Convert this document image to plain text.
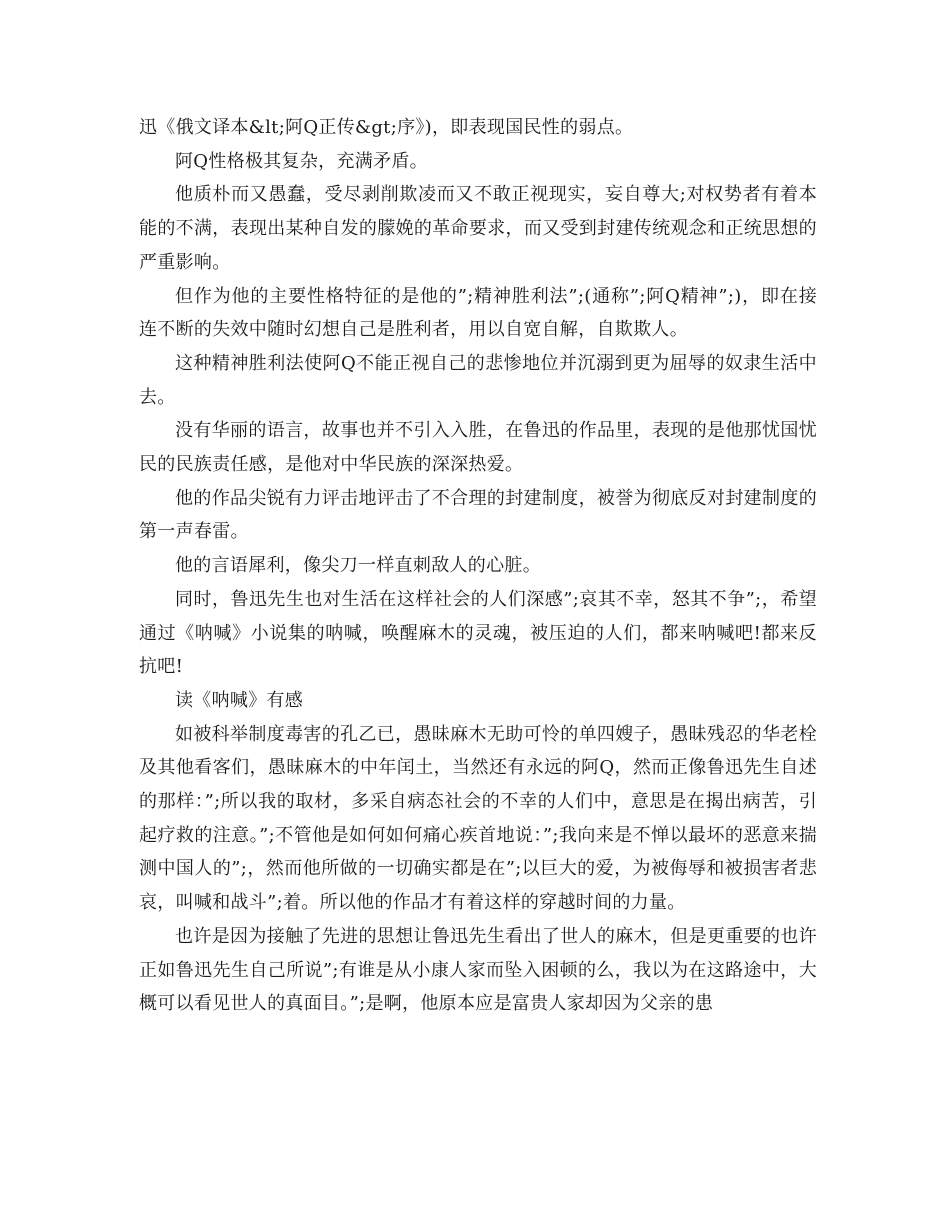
迅《俄文译本&lt;阿Q正传&gt;序》)，即表现国民性的弱点。

阿Q性格极其复杂，充满矛盾。

他质朴而又愚蠢，受尽剥削欺凌而又不敢正视现实，妄自尊大;对权势者有着本能的不满，表现出某种自发的朦娩的革命要求，而又受到封建传统观念和正统思想的严重影响。

但作为他的主要性格特征的是他的”;精神胜利法”;(通称”;阿Q精神”;)，即在接连不断的失效中随时幻想自己是胜利者，用以自宽自解，自欺欺人。

这种精神胜利法使阿Q不能正视自己的悲惨地位并沉溺到更为屈辱的奴隶生活中去。

没有华丽的语言，故事也并不引入入胜，在鲁迅的作品里，表现的是他那忧国忧民的民族责任感，是他对中华民族的深深热爱。

他的作品尖锐有力评击地评击了不合理的封建制度，被誉为彻底反对封建制度的第一声春雷。

他的言语犀利，像尖刀一样直刺敌人的心脏。

同时，鲁迅先生也对生活在这样社会的人们深感”;哀其不幸，怒其不争”;，希望通过《呐喊》小说集的呐喊，唤醒麻木的灵魂，被压迫的人们，都来呐喊吧!都来反抗吧!

读《呐喊》有感

如被科举制度毒害的孔乙已，愚昧麻木无助可怜的单四嫂子，愚昧残忍的华老栓及其他看客们，愚昧麻木的中年闰土，当然还有永远的阿Q，然而正像鲁迅先生自述的那样：”;所以我的取材，多采自病态社会的不幸的人们中，意思是在揭出病苦，引起疗救的注意。”;不管他是如何如何痛心疾首地说：”;我向来是不惮以最坏的恶意来揣测中国人的”;，然而他所做的一切确实都是在”;以巨大的爱，为被侮辱和被损害者悲哀，叫喊和战斗”;着。所以他的作品才有着这样的穿越时间的力量。

也许是因为接触了先进的思想让鲁迅先生看出了世人的麻木，但是更重要的也许正如鲁迅先生自己所说”;有谁是从小康人家而坠入困顿的么，我以为在这路途中，大概可以看见世人的真面目。”;是啊，他原本应是富贵人家却因为父亲的患
